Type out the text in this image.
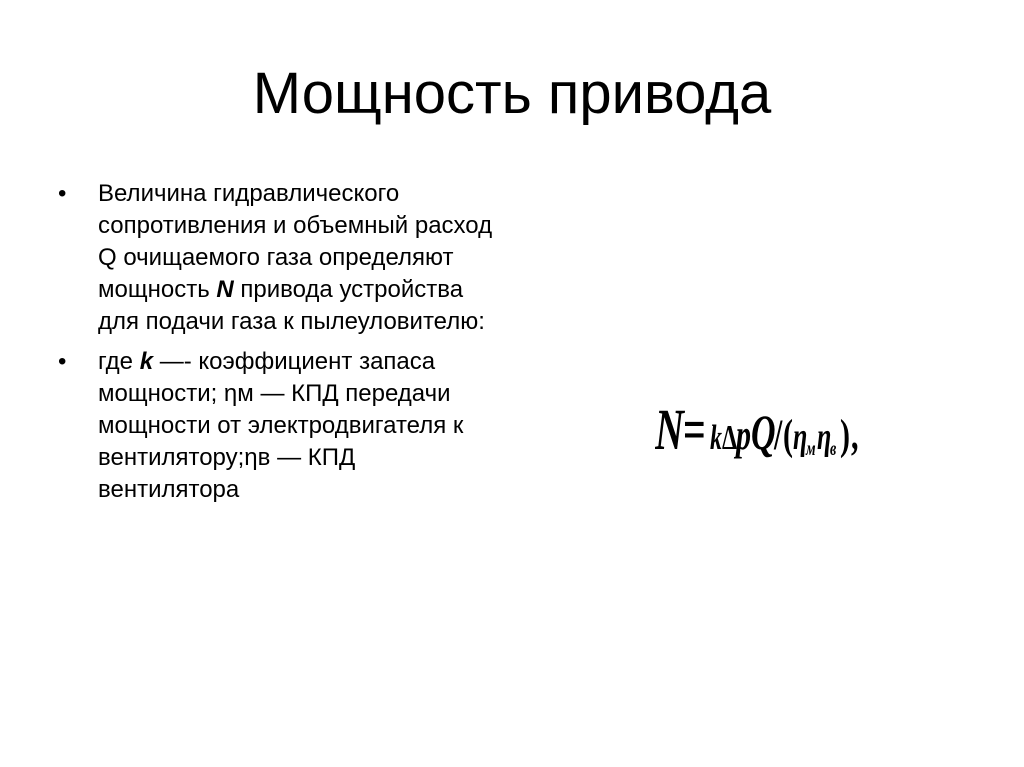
Мощность привода
• Величина гидравлического сопротивления и объемный расход Q очищаемого газа определяют мощность N привода устройства для подачи газа к пылеуловителю:
• где k —- коэффициент запаса мощности; ηм — КПД передачи мощности от электродвигателя к вентилятору;ηв — КПД вентилятора
N = k Δ
p Q
/ ( η
м η
в ) ,
